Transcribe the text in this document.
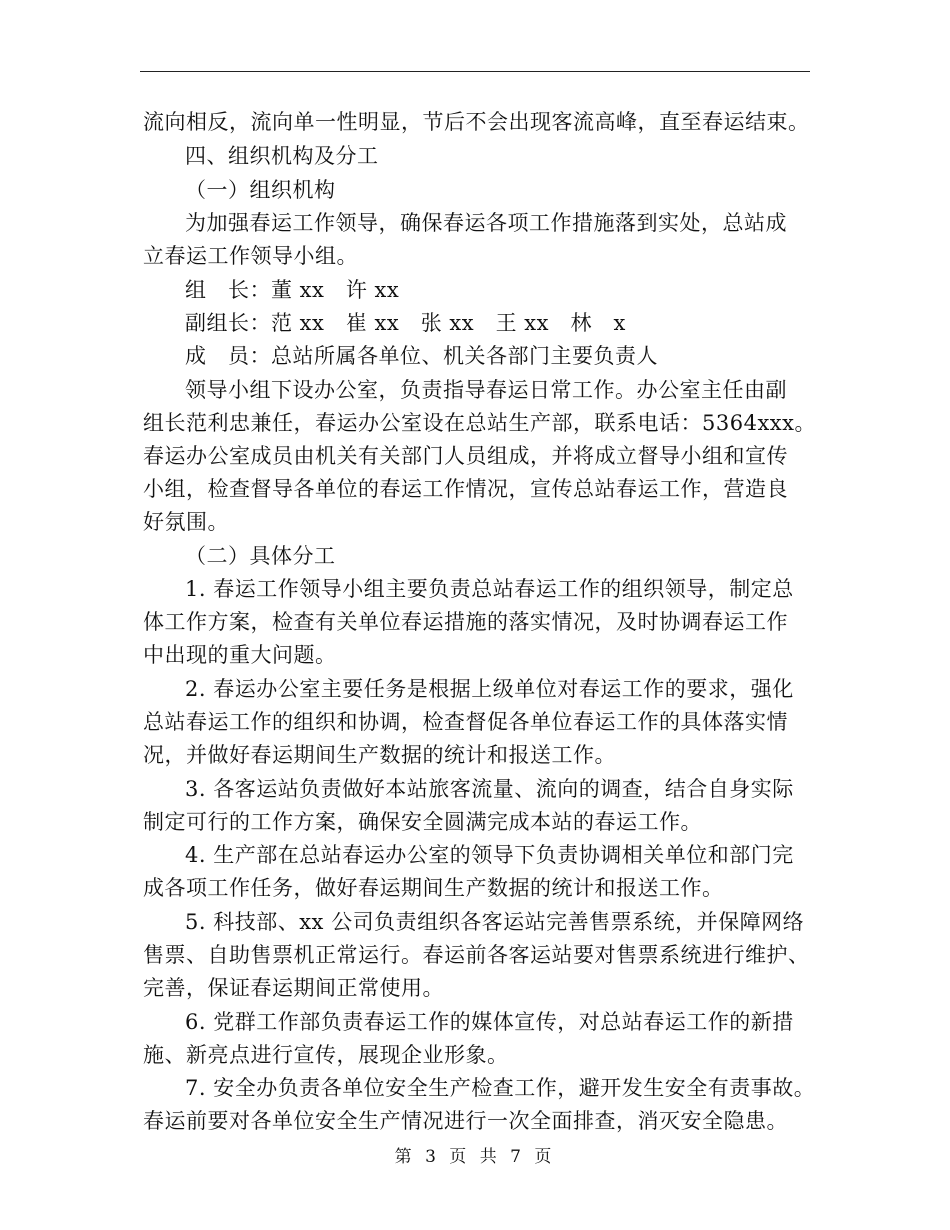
流向相反，流向单一性明显，节后不会出现客流高峰，直至春运结束。
四、组织机构及分工
（一）组织机构
为加强春运工作领导，确保春运各项工作措施落到实处，总站成
立春运工作领导小组。
组　长：董 xx　许 xx
副组长：范 xx　崔 xx　张 xx　王 xx　林　x
成　员：总站所属各单位、机关各部门主要负责人
领导小组下设办公室，负责指导春运日常工作。办公室主任由副
组长范利忠兼任，春运办公室设在总站生产部，联系电话：5364xxx。
春运办公室成员由机关有关部门人员组成，并将成立督导小组和宣传
小组，检查督导各单位的春运工作情况，宣传总站春运工作，营造良
好氛围。
（二）具体分工
1. 春运工作领导小组主要负责总站春运工作的组织领导，制定总
体工作方案，检查有关单位春运措施的落实情况，及时协调春运工作
中出现的重大问题。
2. 春运办公室主要任务是根据上级单位对春运工作的要求，强化
总站春运工作的组织和协调，检查督促各单位春运工作的具体落实情
况，并做好春运期间生产数据的统计和报送工作。
3. 各客运站负责做好本站旅客流量、流向的调查，结合自身实际
制定可行的工作方案，确保安全圆满完成本站的春运工作。
4. 生产部在总站春运办公室的领导下负责协调相关单位和部门完
成各项工作任务，做好春运期间生产数据的统计和报送工作。
5. 科技部、xx 公司负责组织各客运站完善售票系统，并保障网络
售票、自助售票机正常运行。春运前各客运站要对售票系统进行维护、
完善，保证春运期间正常使用。
6. 党群工作部负责春运工作的媒体宣传，对总站春运工作的新措
施、新亮点进行宣传，展现企业形象。
7. 安全办负责各单位安全生产检查工作，避开发生安全有责事故。
春运前要对各单位安全生产情况进行一次全面排查，消灭安全隐患。
第 3 页 共 7 页
